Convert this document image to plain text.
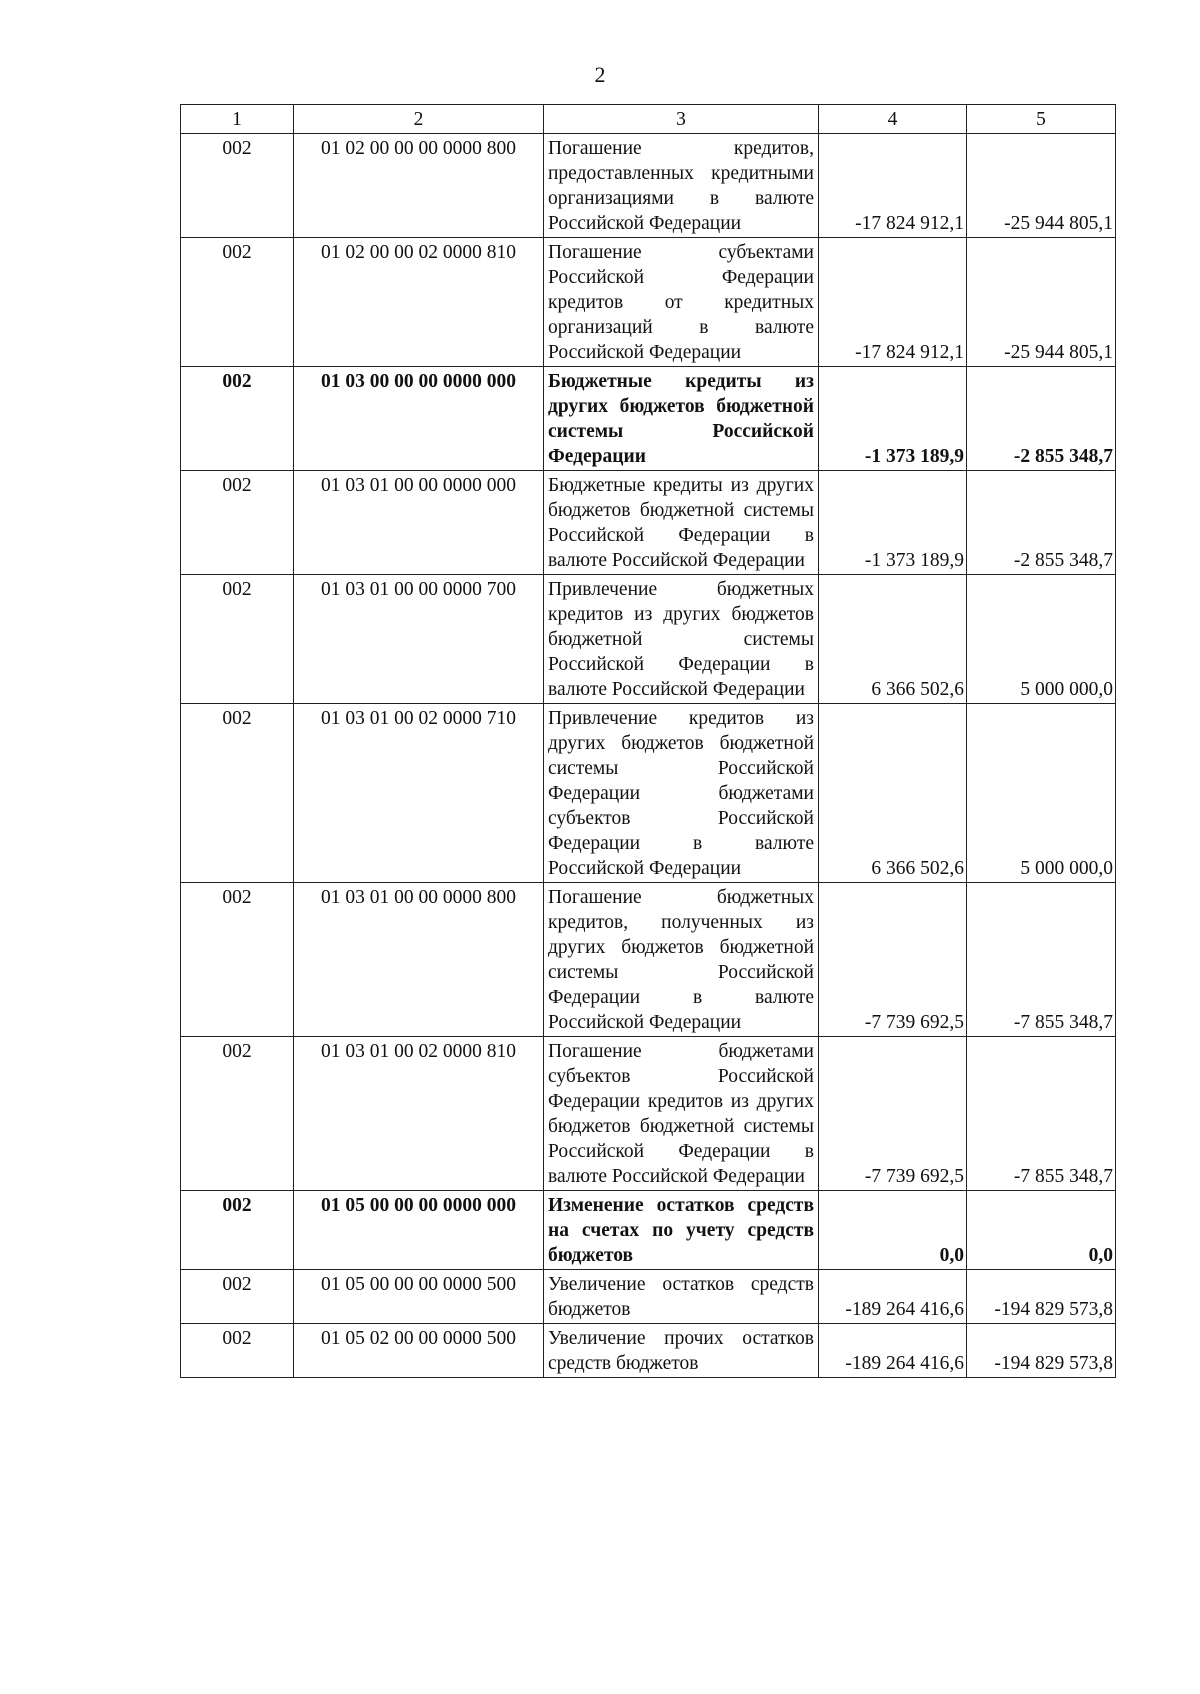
2
1	2	3	4	5
002	01 02 00 00 00 0000 800	Погашение кредитов, предоставленных кредитными организациями в валюте Российской Федерации	-17 824 912,1	-25 944 805,1
002	01 02 00 00 02 0000 810	Погашение субъектами Российской Федерации кредитов от кредитных организаций в валюте Российской Федерации	-17 824 912,1	-25 944 805,1
002	01 03 00 00 00 0000 000	Бюджетные кредиты из других бюджетов бюджетной системы Российской Федерации	-1 373 189,9	-2 855 348,7
002	01 03 01 00 00 0000 000	Бюджетные кредиты из других бюджетов бюджетной системы Российской Федерации в валюте Российской Федерации	-1 373 189,9	-2 855 348,7
002	01 03 01 00 00 0000 700	Привлечение бюджетных кредитов из других бюджетов бюджетной системы Российской Федерации в валюте Российской Федерации	6 366 502,6	5 000 000,0
002	01 03 01 00 02 0000 710	Привлечение кредитов из других бюджетов бюджетной системы Российской Федерации бюджетами субъектов Российской Федерации в валюте Российской Федерации	6 366 502,6	5 000 000,0
002	01 03 01 00 00 0000 800	Погашение бюджетных кредитов, полученных из других бюджетов бюджетной системы Российской Федерации в валюте Российской Федерации	-7 739 692,5	-7 855 348,7
002	01 03 01 00 02 0000 810	Погашение бюджетами субъектов Российской Федерации кредитов из других бюджетов бюджетной системы Российской Федерации в валюте Российской Федерации	-7 739 692,5	-7 855 348,7
002	01 05 00 00 00 0000 000	Изменение остатков средств на счетах по учету средств бюджетов	0,0	0,0
002	01 05 00 00 00 0000 500	Увеличение остатков средств бюджетов	-189 264 416,6	-194 829 573,8
002	01 05 02 00 00 0000 500	Увеличение прочих остатков средств бюджетов	-189 264 416,6	-194 829 573,8
